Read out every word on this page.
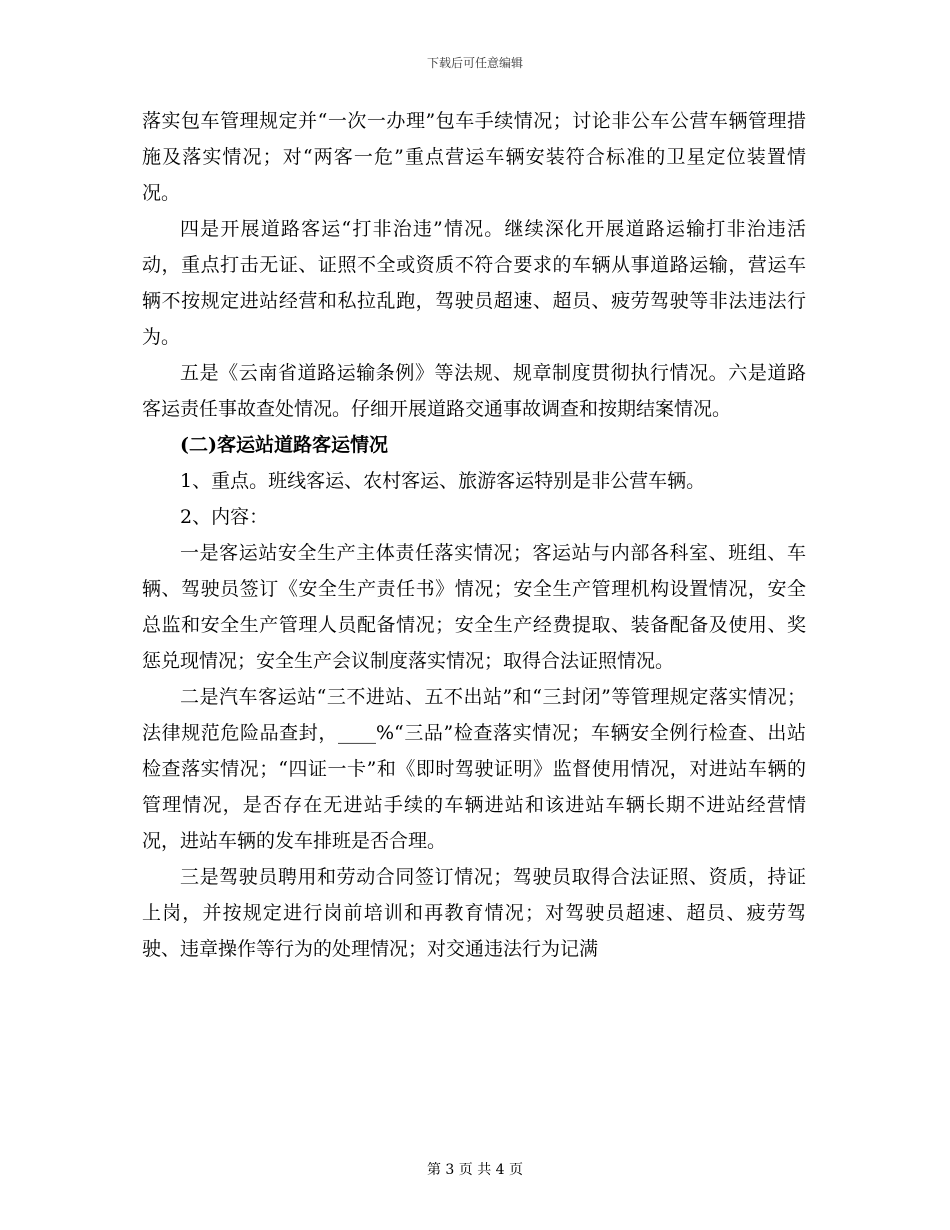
下载后可任意编辑

落实包车管理规定并“一次一办理”包车手续情况；讨论非公车公营车辆管理措施及落实情况；对“两客一危”重点营运车辆安装符合标准的卫星定位装置情况。

四是开展道路客运“打非治违”情况。继续深化开展道路运输打非治违活动，重点打击无证、证照不全或资质不符合要求的车辆从事道路运输，营运车辆不按规定进站经营和私拉乱跑，驾驶员超速、超员、疲劳驾驶等非法违法行为。

五是《云南省道路运输条例》等法规、规章制度贯彻执行情况。六是道路客运责任事故查处情况。仔细开展道路交通事故调查和按期结案情况。

(二)客运站道路客运情况

1、重点。班线客运、农村客运、旅游客运特别是非公营车辆。

2、内容：

一是客运站安全生产主体责任落实情况；客运站与内部各科室、班组、车辆、驾驶员签订《安全生产责任书》情况；安全生产管理机构设置情况，安全总监和安全生产管理人员配备情况；安全生产经费提取、装备配备及使用、奖惩兑现情况；安全生产会议制度落实情况；取得合法证照情况。

二是汽车客运站“三不进站、五不出站”和“三封闭”等管理规定落实情况；法律规范危险品查封，____%“三品”检查落实情况；车辆安全例行检查、出站检查落实情况；“四证一卡”和《即时驾驶证明》监督使用情况，对进站车辆的管理情况，是否存在无进站手续的车辆进站和该进站车辆长期不进站经营情况，进站车辆的发车排班是否合理。

三是驾驶员聘用和劳动合同签订情况；驾驶员取得合法证照、资质，持证上岗，并按规定进行岗前培训和再教育情况；对驾驶员超速、超员、疲劳驾驶、违章操作等行为的处理情况；对交通违法行为记满

第 3 页 共 4 页
